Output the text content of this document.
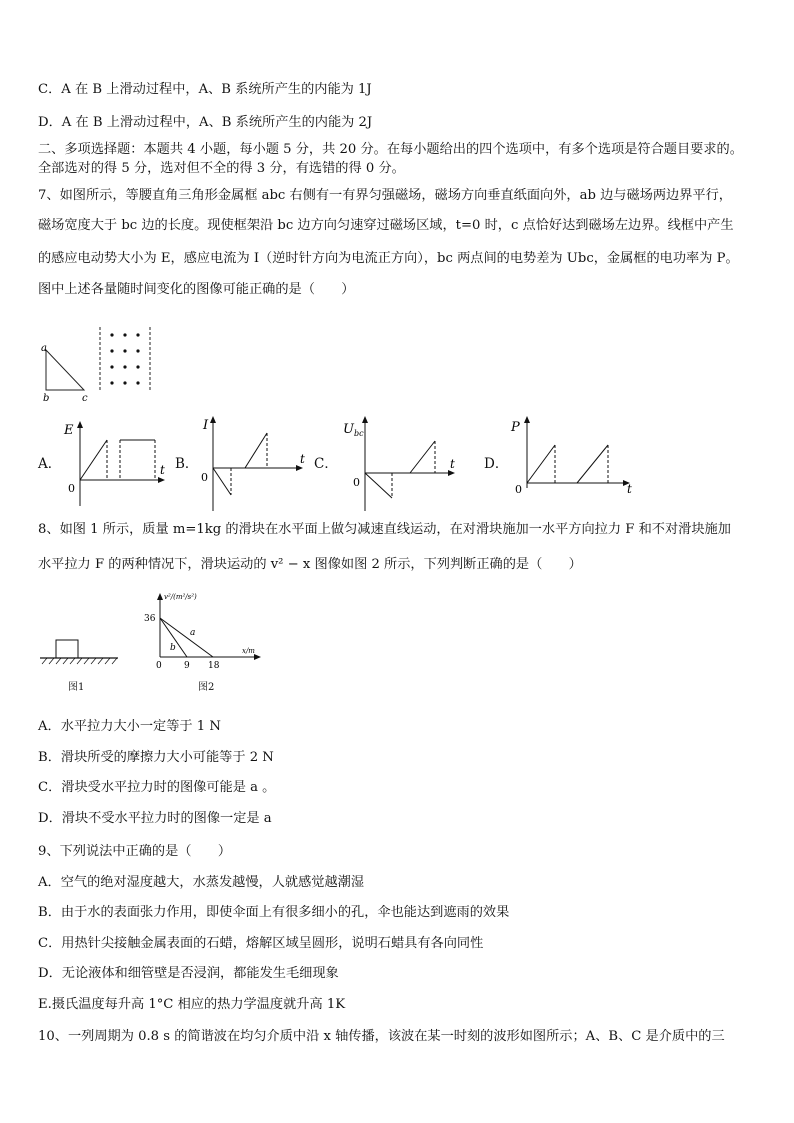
C．A 在 B 上滑动过程中，A、B 系统所产生的内能为 1J
D．A 在 B 上滑动过程中，A、B 系统所产生的内能为 2J
二、多项选择题：本题共 4 小题，每小题 5 分，共 20 分。在每小题给出的四个选项中，有多个选项是符合题目要求的。
全部选对的得 5 分，选对但不全的得 3 分，有选错的得 0 分。
7、如图所示，等腰直角三角形金属框 abc 右侧有一有界匀强磁场，磁场方向垂直纸面向外，ab 边与磁场两边界平行，
磁场宽度大于 bc 边的长度。现使框架沿 bc 边方向匀速穿过磁场区域，t=0 时，c 点恰好达到磁场左边界。线框中产生
的感应电动势大小为 E，感应电流为 I（逆时针方向为电流正方向），bc 两点间的电势差为 Ubc，金属框的电功率为 P。
图中上述各量随时间变化的图像可能正确的是（　　）
a
b	c
A．	B．	C．	D．
E
t
0
I
t
0
$U_{bc}$
t
0
P
t
0
8、如图 1 所示，质量 m=1kg 的滑块在水平面上做匀减速直线运动，在对滑块施加一水平方向拉力 F 和不对滑块施加
水平拉力 F 的两种情况下，滑块运动的 v² − x 图像如图 2 所示，下列判断正确的是（　　）
图1
v²/(m²/s²)
x/m
36
0 9 18
a
b
图2
A．水平拉力大小一定等于 1 N
B．滑块所受的摩擦力大小可能等于 2 N
C．滑块受水平拉力时的图像可能是 a 。
D．滑块不受水平拉力时的图像一定是 a
9、下列说法中正确的是（　　）
A．空气的绝对湿度越大，水蒸发越慢，人就感觉越潮湿
B．由于水的表面张力作用，即使伞面上有很多细小的孔，伞也能达到遮雨的效果
C．用热针尖接触金属表面的石蜡，熔解区域呈圆形，说明石蜡具有各向同性
D．无论液体和细管壁是否浸润，都能发生毛细现象
E.摄氏温度每升高 1°C 相应的热力学温度就升高 1K
10、一列周期为 0.8 s 的简谐波在均匀介质中沿 x 轴传播，该波在某一时刻的波形如图所示；A、B、C 是介质中的三
